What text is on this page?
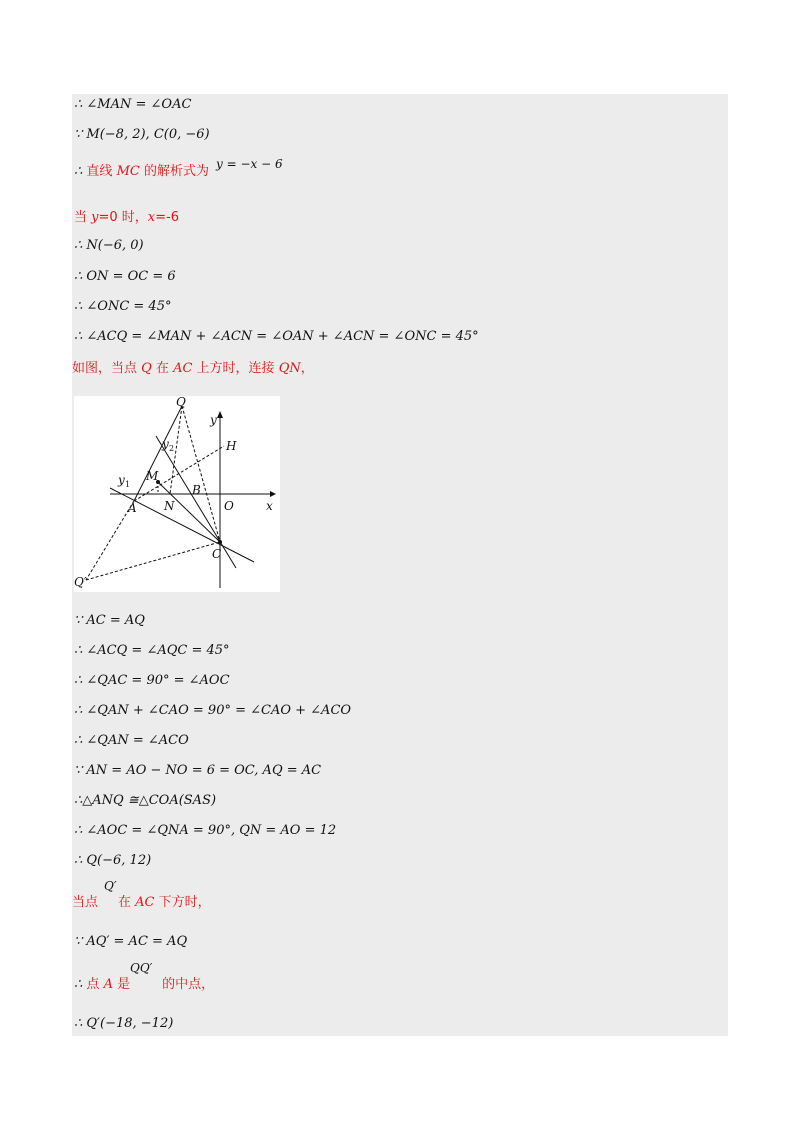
∴ ∠MAN = ∠OAC
∵ M(−8, 2), C(0, −6)
y = −x − 6
∴ 直线 MC 的解析式为
当 y=0 时，x=-6
∴ N(−6, 0)
∴ ON = OC = 6
∴ ∠ONC = 45°
∴ ∠ACQ = ∠MAN + ∠ACN = ∠OAN + ∠ACN = ∠ONC = 45°
如图，当点 Q 在 AC 上方时，连接 QN，
Q
y
y 2	H
y 1
M
B
A N	O	x
C
Q′
∵ AC = AQ
∴ ∠ACQ = ∠AQC = 45°
∴ ∠QAC = 90° = ∠AOC
∴ ∠QAN + ∠CAO = 90° = ∠CAO + ∠ACO
∴ ∠QAN = ∠ACO
∵ AN = AO − NO = 6 = OC, AQ = AC
∴△ANQ ≅△COA(SAS)
∴ ∠AOC = ∠QNA = 90°, QN = AO = 12
∴ Q(−6, 12)
Q′
当点 在 AC 下方时，
∵ AQ′ = AC = AQ
QQ′
∴ 点 A 是 的中点，
∴ Q′(−18, −12)
